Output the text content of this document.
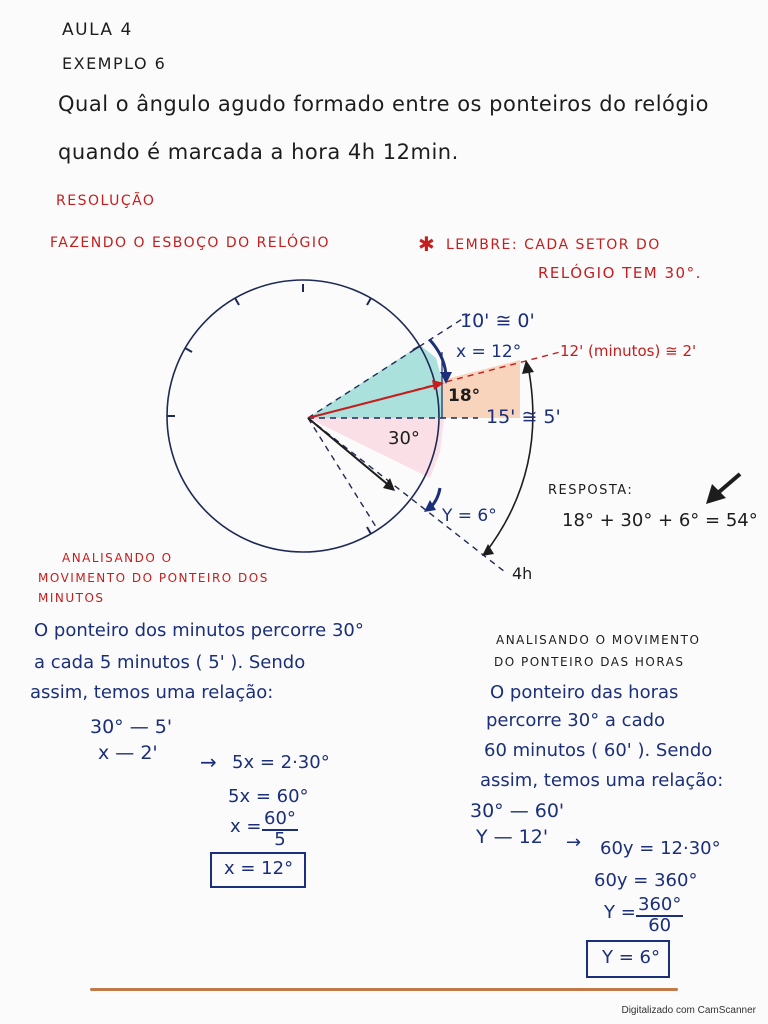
AULA 4
EXEMPLO 6
Qual o ângulo agudo formado entre os ponteiros do relógio
quando é marcada a hora 4h 12min.
RESOLUÇÃO
FAZENDO O ESBOÇO DO RELÓGIO	✱ LEMBRE: CADA SETOR DO
RELÓGIO TEM 30°.
10' ≅ 0'
x = 12°	12' (minutos) ≅ 2'
18°
15' ≅ 5'
30°
Y = 6°
4h
RESPOSTA:
18° + 30° + 6° = 54°
ANALISANDO O
MOVIMENTO DO PONTEIRO DOS
MINUTOS
O ponteiro dos minutos percorre 30°
a cada 5 minutos ( 5' ). Sendo
assim, temos uma relação:
30° — 5'
x — 2' → 5x = 2·30°
5x = 60°
$x = \frac{60^\circ}{5}$
x = 12°
ANALISANDO O MOVIMENTO
DO PONTEIRO DAS HORAS
O ponteiro das horas
percorre 30° a cado
60 minutos ( 60' ). Sendo
assim, temos uma relação:
30° — 60'
Y — 12' → 60y = 12·30°
60y = 360°
$Y = \frac{360^\circ}{60}$
Y = 6°
Digitalizado com CamScanner
